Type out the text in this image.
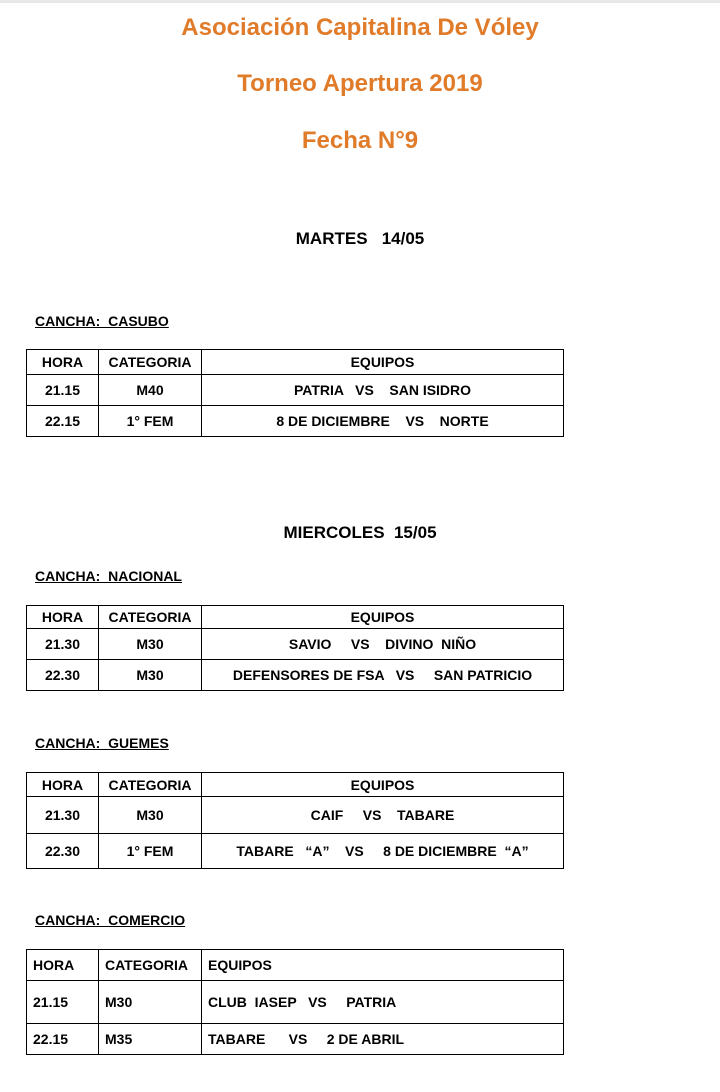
Asociación Capitalina De Vóley
Torneo Apertura 2019
Fecha N°9
MARTES   14/05
CANCHA:  CASUBO
HORA	CATEGORIA	EQUIPOS
21.15	M40	PATRIA   VS    SAN ISIDRO
22.15	1° FEM	8 DE DICIEMBRE    VS    NORTE
MIERCOLES  15/05
CANCHA:  NACIONAL
HORA	CATEGORIA	EQUIPOS
21.30	M30	SAVIO     VS    DIVINO  NIÑO
22.30	M30	DEFENSORES DE FSA   VS     SAN PATRICIO
CANCHA:  GUEMES
HORA	CATEGORIA	EQUIPOS
21.30	M30	CAIF     VS    TABARE
22.30	1° FEM	TABARE   “A”    VS     8 DE DICIEMBRE  “A”
CANCHA:  COMERCIO
HORA	CATEGORIA	EQUIPOS
21.15	M30	CLUB  IASEP   VS     PATRIA
22.15	M35	TABARE      VS     2 DE ABRIL
